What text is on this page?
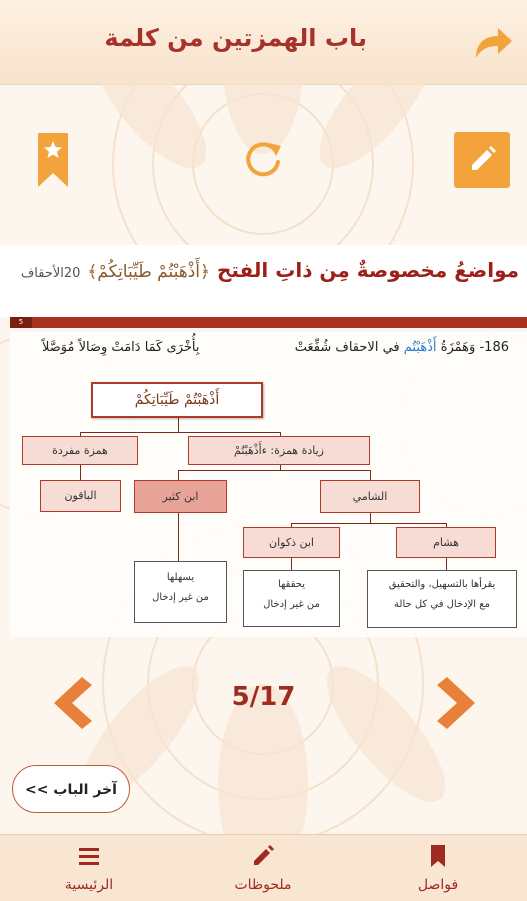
باب الهمزتين من كلمة
مواضعُ مخصوصةٌ مِن ذاتِ الفتح ﴿أَذْهَبْتُمْ طَيِّبَاتِكُمْ﴾ 20الأحقاف
5
186- وَهَمْزَةُ أَذْهَبْتُم في الاحقاف شُفِّعَتْ
بِأُخْرَى كَمَا دَامَتْ وِصَالاً مُوَصَّلاً
أَذْهَبْتُمْ طَيِّبَاتِكُمْ
همزة مفردة	زيادة همزة: ءأَذْهَبْتُمْ
الباقون	ابن كثير	الشامي
ابن ذكوان	هشام
يسهلها
من غير إدخال
يحققها
من غير إدخال
يقرأها بالتسهيل، والتحقيق
مع الإدخال في كل حالة
5/17
آخر الباب >>
الرئيسية	ملحوظات	فواصل
